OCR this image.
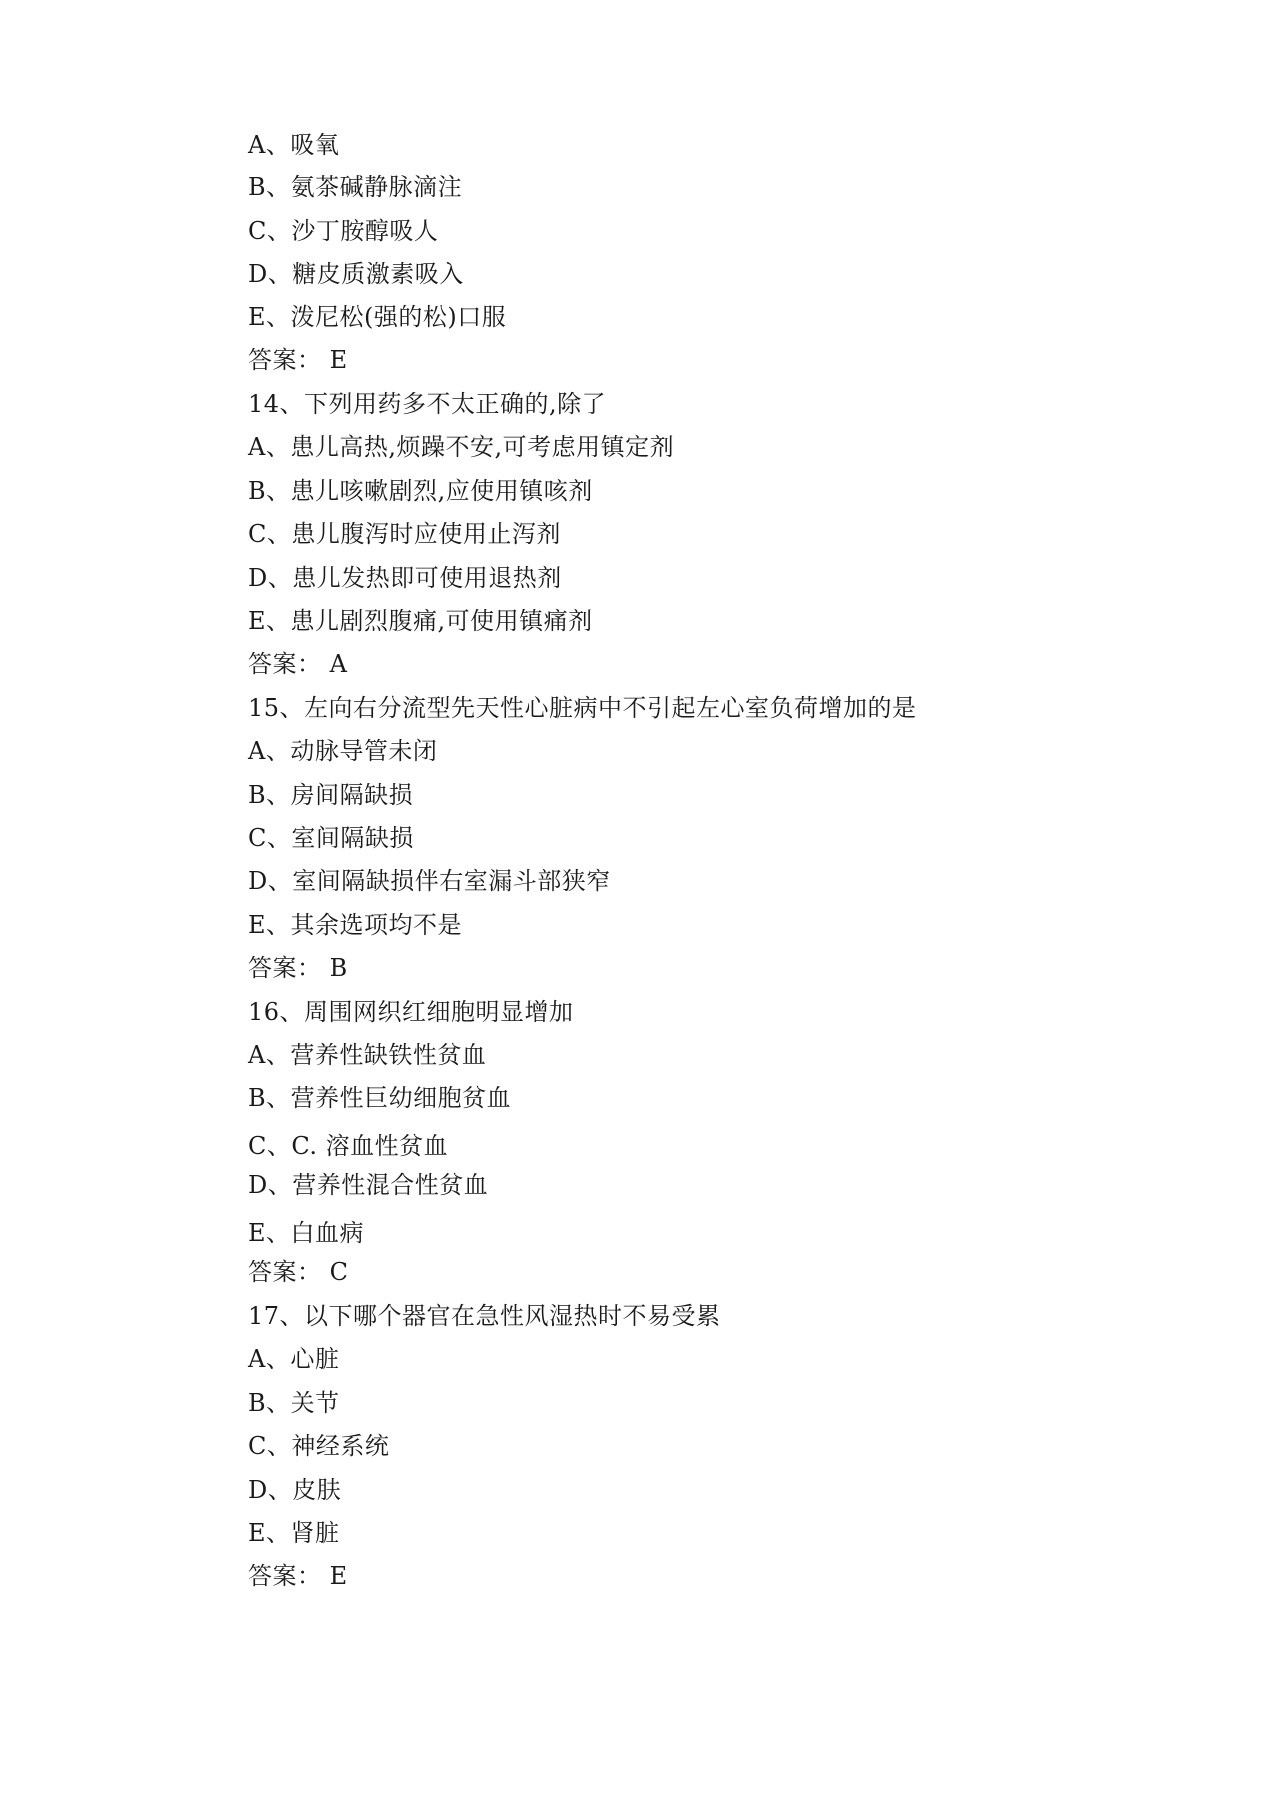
A、吸氧
B、氨茶碱静脉滴注
C、沙丁胺醇吸人
D、糖皮质激素吸入
E、泼尼松(强的松)口服
答案： E
14、下列用药多不太正确的,除了
A、患儿高热,烦躁不安,可考虑用镇定剂
B、患儿咳嗽剧烈,应使用镇咳剂
C、患儿腹泻时应使用止泻剂
D、患儿发热即可使用退热剂
E、患儿剧烈腹痛,可使用镇痛剂
答案： A
15、左向右分流型先天性心脏病中不引起左心室负荷增加的是
A、动脉导管未闭
B、房间隔缺损
C、室间隔缺损
D、室间隔缺损伴右室漏斗部狭窄
E、其余选项均不是
答案： B
16、周围网织红细胞明显增加
A、营养性缺铁性贫血
B、营养性巨幼细胞贫血
C、C. 溶血性贫血
D、营养性混合性贫血
E、白血病
答案： C
17、以下哪个器官在急性风湿热时不易受累
A、心脏
B、关节
C、神经系统
D、皮肤
E、肾脏
答案： E
